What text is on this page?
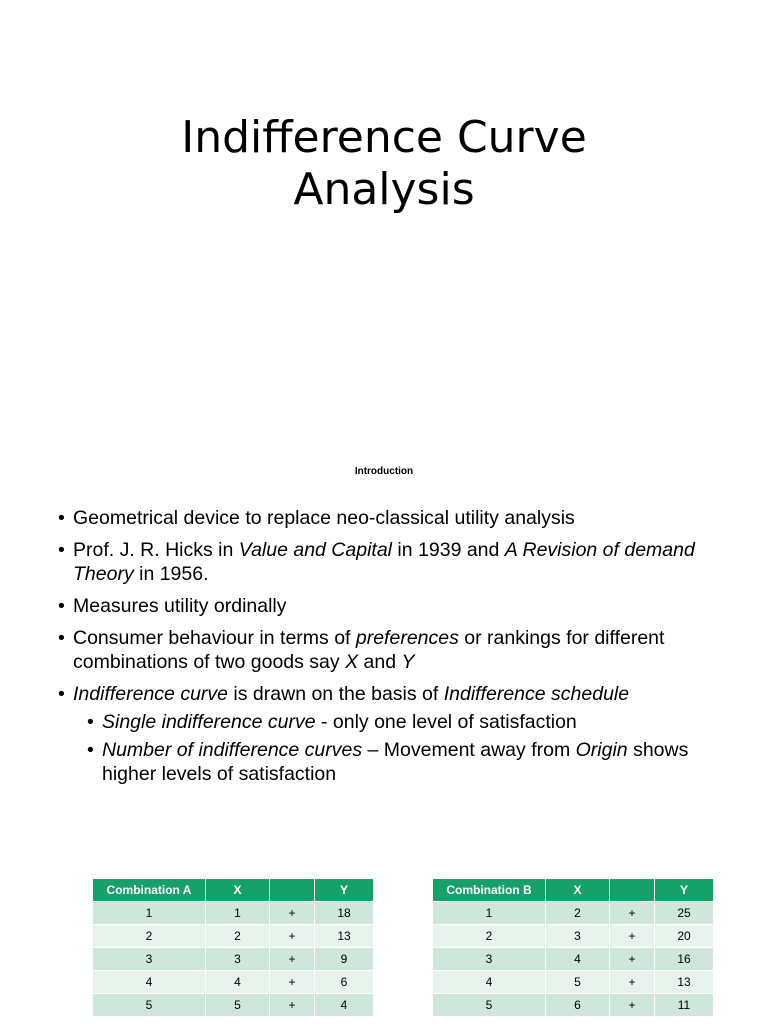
Indifference Curve
Analysis
Introduction
• Geometrical device to replace neo-classical utility analysis
• Prof. J. R. Hicks in Value and Capital in 1939 and A Revision of demand Theory in 1956.
• Measures utility ordinally
• Consumer behaviour in terms of preferences or rankings for different combinations of two goods say X and Y
• Indifference curve is drawn on the basis of Indifference schedule
• Single indifference curve - only one level of satisfaction
• Number of indifference curves – Movement away from Origin shows higher levels of satisfaction
Combination A	X		Y
1	1	+	18
2	2	+	13
3	3	+	9
4	4	+	6
5	5	+	4
Combination B	X		Y
1	2	+	25
2	3	+	20
3	4	+	16
4	5	+	13
5	6	+	11
